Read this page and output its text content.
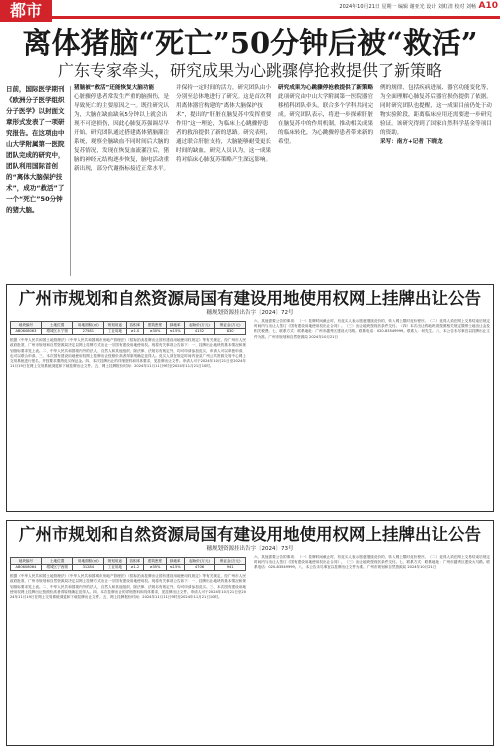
都市	2024年10月21日 星期一 编辑 谢亚光 设计 刘虹清 校对 刘畅 A10
离体猪脑“死亡”50分钟后被“救活”
广东专家牵头，研究成果为心跳骤停抢救提供了新策略
日前，国际医学期刊《欧洲分子医学组织分子医学》以封面文章形式发表了一项研究报告。在这项由中山大学附属第一医院团队完成的研究中，团队利用国际首创的“离体大脑保护技术”，成功“救活”了一个“死亡”50分钟的猪大脑。
猪脑被“救活”还能恢复大脑功能
心脏骤停患者常发生严重的脑损伤，是导致死亡的主要原因之一。既往研究认为，大脑在缺血缺氧5分钟以上就会出现不可逆损伤，因此心肺复苏强调尽早开始。研究团队通过搭建离体猪脑灌注系统，观察全脑缺血不同时间后大脑的复苏情况，发现在恢复血流灌注后，猪脑的神经元结构逐步恢复，脑电活动重新出现，部分代谢指标接近正常水平。
并保持一定时间的活力，研究团队由小分别至总体地进行了研究。这是首次利用离体器官构建的“离体大脑保护技术”，提出的“肝脏在脑复苏中发挥重要作用”这一理论，为临床上心跳骤停患者的救治提供了新的思路。研究表明，通过联合肝脏支持，大脑能够耐受更长时间的缺血，研究人员认为，这一成果将对临床心肺复苏策略产生深远影响。
研究成果为心跳骤停抢救提供了新策略
此项研究由中山大学附属第一医院器官移植科团队牵头，联合多个学科共同完成。研究团队表示，将进一步探索肝脏在脑复苏中的作用机制，推动相关成果的临床转化，为心跳骤停患者带来新的希望。
例的规律，包括疾病进展、器官功能变化等，为全面理解心肺复苏后器官损伤提供了依据。同时研究团队也提醒，这一成果目前仍处于动物实验阶段，距离临床应用还需要进一步研究验证。该研究得到了国家自然科学基金等项目的资助。
采写：南方+记者 下晓龙
广州市规划和自然资源局国有建设用地使用权网上挂牌出让公告
穗规划资源挂出告字〔2024〕72号
地块编号	土地位置	用地面积(㎡)	规划用途	容积率	建筑密度	绿地率	起始价(万元)	保证金(万元)
AB0608063	增城区永宁街	27581	工业用地	≥1.0	≥30%	≤15%	4152	830

根据《中华人民共和国土地管理法》《中华人民共和国城市房地产管理法》《招标拍卖挂牌出让国有建设用地使用权规定》等有关规定，经广州市人民政府批准，广州市规划和自然资源局决定以网上挂牌方式出让一宗国有建设用地使用权。现将有关事项公告如下：一、挂牌出让地块的基本情况和规划指标要求见上表。二、中华人民共和国境内外的法人、自然人和其他组织，除法律、法规另有规定外，均可申请参加竞买，申请人可以单独申请，也可以联合申请。三、本次国有建设用地使用权网上挂牌出让按照价高者得原则确定竞得人。竞买人须在规定时间内登录广州公共资源交易中心网上交易系统进行报名，并按要求缴纳竞买保证金。四、本次挂牌出让的详细资料和具体要求，见挂牌出让文件。申请人可于2024年10月21日至2024年11月19日在网上交易系统浏览和下载挂牌出让文件。五、网上挂牌报价时间：2024年11月11日9时至2024年11月21日10时。

六、其他需要公告的事项：（一）挂牌时间截止时，有竞买人表示愿意继续竞价的，转入网上限时竞价程序。（二）竞得人须在网上交易结束后规定时间内与出让人签订《国有建设用地使用权出让合同》。（三）出让地块按现状条件交付。（四）本次出让的地块须按照相关规定缴纳土地出让金及相关税费。七、联系方式：联系地址：广州市越秀区建设大马路。联系电话：020-83549999。联系人：何先生。八、本公告未尽事宜以挂牌出让文件为准。广州市规划和自然资源局 2024年10月21日

广州市规划和自然资源局国有建设用地使用权网上挂牌出让公告
穗规划资源挂出告字〔2024〕73号
地块编号	土地位置	用地面积(㎡)	规划用途	容积率	建筑密度	绿地率	起始价(万元)	保证金(万元)
AB0608064	增城区宁西街	31284	工业用地	≥1.2	≥35%	≤15%	4706	941

根据《中华人民共和国土地管理法》《中华人民共和国城市房地产管理法》《招标拍卖挂牌出让国有建设用地使用权规定》等有关规定，经广州市人民政府批准，广州市规划和自然资源局决定以网上挂牌方式出让一宗国有建设用地使用权。现将有关事项公告如下：一、挂牌出让地块的基本情况和规划指标要求见上表。二、中华人民共和国境内外的法人、自然人和其他组织，除法律、法规另有规定外，均可申请参加竞买。三、本次国有建设用地使用权网上挂牌出让按照价高者得原则确定竞得人。四、本次挂牌出让的详细资料和具体要求，见挂牌出让文件。申请人可于2024年10月21日至2024年11月19日在网上交易系统浏览和下载挂牌出让文件。五、网上挂牌报价时间：2024年11月11日9时至2024年11月21日10时。

六、其他需要公告的事项：（一）挂牌时间截止时，有竞买人表示愿意继续竞价的，转入网上限时竞价程序。（二）竞得人须在网上交易结束后规定时间内与出让人签订《国有建设用地使用权出让合同》。（三）出让地块按现状条件交付。七、联系方式：联系地址：广州市越秀区建设大马路。联系电话：020-83549999。八、本公告未尽事宜以挂牌出让文件为准。广州市规划和自然资源局 2024年10月21日
